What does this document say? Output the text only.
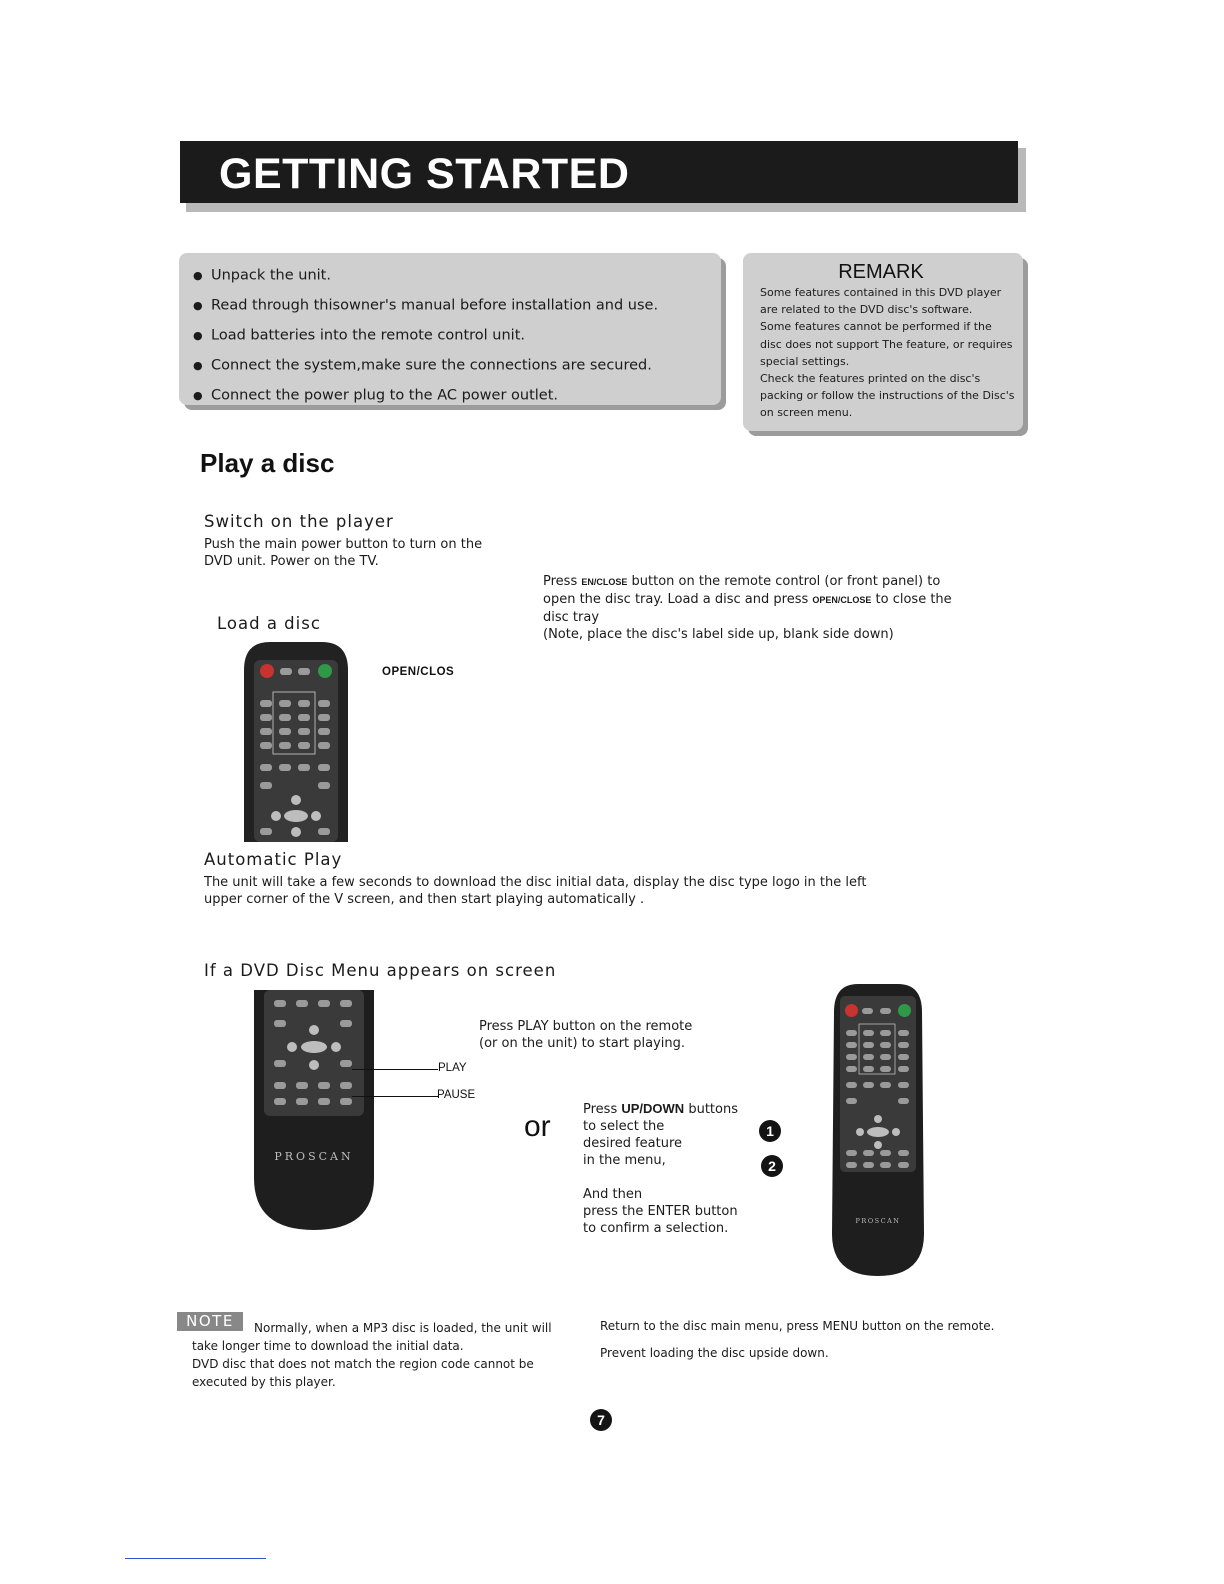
GETTING STARTED
● Unpack the unit.
● Read through thisowner's manual before installation and use.
● Load batteries into the remote control unit.
● Connect the system,make sure the connections are secured.
● Connect the power plug to the AC power outlet.
REMARK

Some features contained in this DVD player

are related to the DVD disc's software.

Some features cannot be performed if the

disc does not support The feature, or requires

special settings.

Check the features printed on the disc's

packing or follow the instructions of the Disc's

on screen menu.

Play a disc
Switch on the player
Push the main power button to turn on the
DVD unit. Power on the TV.
Load a disc
Press EN/CLOSE button on the remote control (or front panel) to
open the disc tray. Load a disc and press OPEN/CLOSE to close the
disc tray
(Note, place the disc's label side up, blank side down)
OPEN/CLOS
Automatic Play
The unit will take a few seconds to download the disc initial data, display the disc type logo in the left
upper corner of the V screen, and then start playing automatically .
If a DVD Disc Menu appears on screen
PROSCAN
PLAY
PAUSE
Press PLAY button on the remote
(or on the unit) to start playing.
or
Press UP/DOWN buttons
to select the
desired feature
in the menu,
And then
press the ENTER button
to confirm a selection.
1
2
PROSCAN
NOTE	Normally, when a MP3 disc is loaded, the unit will
take longer time to download the initial data.
DVD disc that does not match the region code cannot be
executed by this player.
Return to the disc main menu, press MENU button on the remote.
Prevent loading the disc upside down.
7
